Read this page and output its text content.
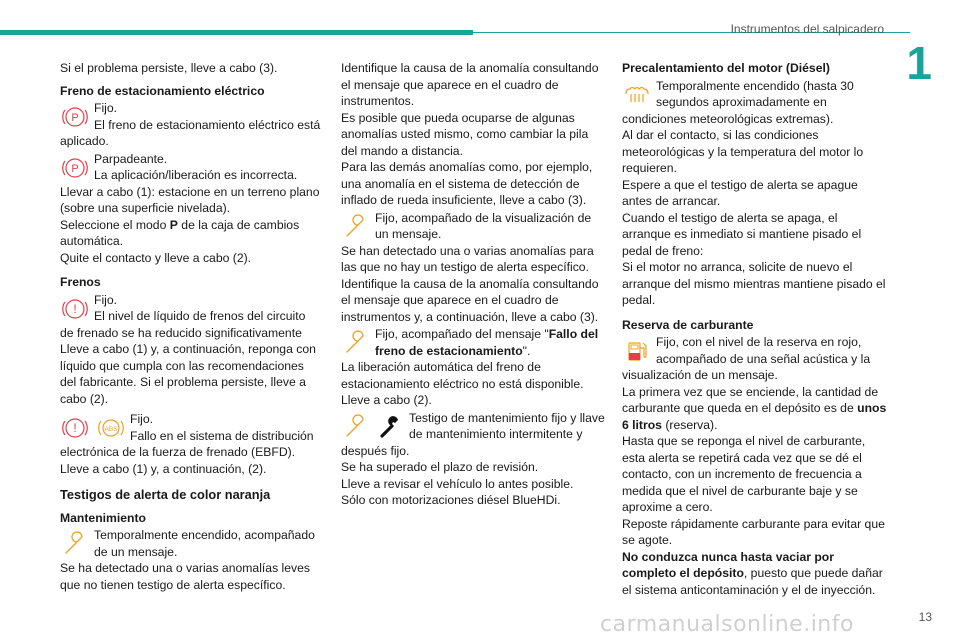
Instrumentos del salpicadero
1

Si el problema persiste, lleve a cabo (3).

Freno de estacionamiento eléctrico

P

Fijo.

El freno de estacionamiento eléctrico está aplicado.

P

Parpadeante.

La aplicación/liberación es incorrecta.

Llevar a cabo (1): estacione en un terreno plano (sobre una superficie nivelada).

Seleccione el modo P de la caja de cambios automática.

Quite el contacto y lleve a cabo (2).

Frenos

!

Fijo.

El nivel de líquido de frenos del circuito de frenado se ha reducido significativamente

Lleve a cabo (1) y, a continuación, reponga con líquido que cumpla con las recomendaciones del fabricante. Si el problema persiste, lleve a cabo (2).

!	ABS

Fijo.

Fallo en el sistema de distribución electrónica de la fuerza de frenado (EBFD).

Lleve a cabo (1) y, a continuación, (2).

Testigos de alerta de color naranja

Mantenimiento

Temporalmente encendido, acompañado de un mensaje.

Se ha detectado una o varias anomalías leves que no tienen testigo de alerta específico.

Identifique la causa de la anomalía consultando el mensaje que aparece en el cuadro de instrumentos.

Es posible que pueda ocuparse de algunas anomalías usted mismo, como cambiar la pila del mando a distancia.

Para las demás anomalías como, por ejemplo, una anomalía en el sistema de detección de inflado de rueda insuficiente, lleve a cabo (3).

Fijo, acompañado de la visualización de un mensaje.

Se han detectado una o varias anomalías para las que no hay un testigo de alerta específico.

Identifique la causa de la anomalía consultando el mensaje que aparece en el cuadro de instrumentos y, a continuación, lleve a cabo (3).

Fijo, acompañado del mensaje "Fallo del freno de estacionamiento".

La liberación automática del freno de estacionamiento eléctrico no está disponible.

Lleve a cabo (2).

Testigo de mantenimiento fijo y llave de mantenimiento intermitente y después fijo.

Se ha superado el plazo de revisión.

Lleve a revisar el vehículo lo antes posible.

Sólo con motorizaciones diésel BlueHDi.

Precalentamiento del motor (Diésel)

Temporalmente encendido (hasta 30 segundos aproximadamente en condiciones meteorológicas extremas).

Al dar el contacto, si las condiciones meteorológicas y la temperatura del motor lo requieren.

Espere a que el testigo de alerta se apague antes de arrancar.

Cuando el testigo de alerta se apaga, el arranque es inmediato si mantiene pisado el pedal de freno:

Si el motor no arranca, solicite de nuevo el arranque del mismo mientras mantiene pisado el pedal.

Reserva de carburante

Fijo, con el nivel de la reserva en rojo, acompañado de una señal acústica y la visualización de un mensaje.

La primera vez que se enciende, la cantidad de carburante que queda en el depósito es de unos 6 litros (reserva).

Hasta que se reponga el nivel de carburante, esta alerta se repetirá cada vez que se dé el contacto, con un incremento de frecuencia a medida que el nivel de carburante baje y se aproxime a cero.

Reposte rápidamente carburante para evitar que se agote.

No conduzca nunca hasta vaciar por completo el depósito, puesto que puede dañar el sistema anticontaminación y el de inyección.

carmanualsonline.info	13
